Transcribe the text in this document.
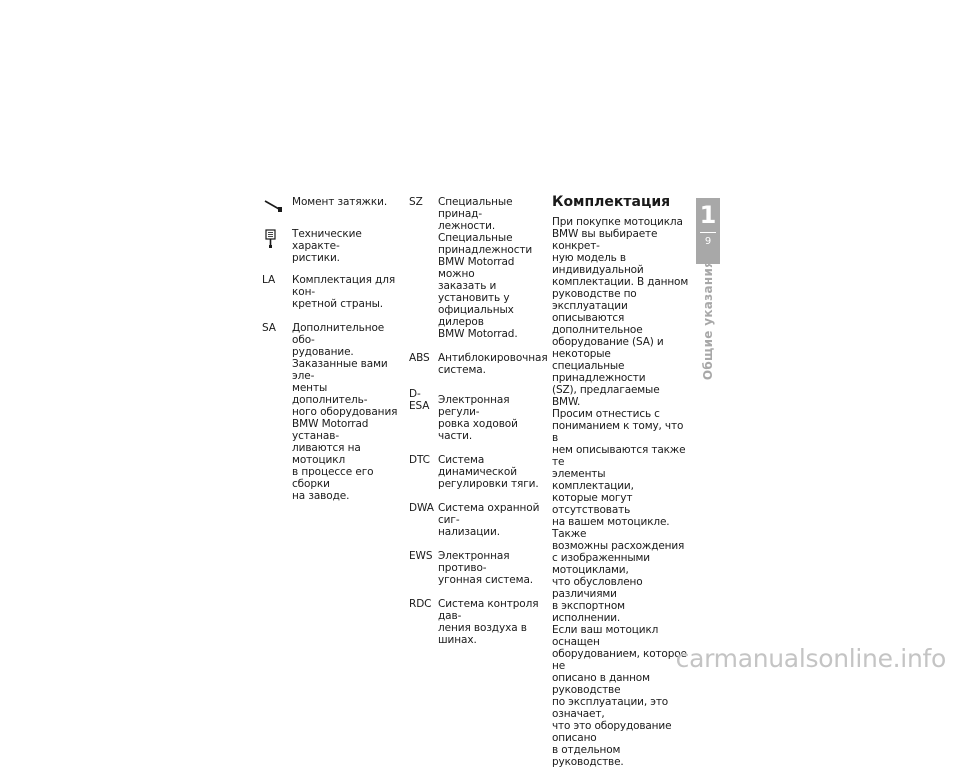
Момент затяжки.
Технические характе-
ристики.
LA	Комплектация для кон-
кретной страны.
SA	Дополнительное обо-
рудование.
Заказанные вами эле-
менты дополнитель-
ного оборудования
BMW Motorrad устанав-
ливаются на мотоцикл
в процессе его сборки
на заводе.
SZ	Специальные принад-
лежности.
Специальные
принадлежности
BMW Motorrad можно
заказать и установить у
официальных дилеров
BMW Motorrad.
ABS Антиблокировочная
система.
D-
ESA Электронная регули-
ровка ходовой части.
DTC Система динамической
регулировки тяги.
DWA Система охранной сиг-
нализации.
EWS Электронная противо-
угонная система.
RDC Система контроля дав-
ления воздуха в шинах.
Комплектация
При покупке мотоцикла
BMW вы выбираете конкрет-
ную модель в индивидуальной
комплектации. В данном
руководстве по эксплуатации
описываются дополнительное
оборудование (SA) и некоторые
специальные принадлежности
(SZ), предлагаемые BMW.
Просим отнестись с
пониманием к тому, что в
нем описываются также те
элементы комплектации,
которые могут отсутствовать
на вашем мотоцикле. Также
возможны расхождения
с изображенными мотоциклами,
что обусловлено различиями
в экспортном исполнении.
Если ваш мотоцикл оснащен
оборудованием, которое не
описано в данном руководстве
по эксплуатации, это означает,
что это оборудование описано
в отдельном руководстве.
1
9
Общие указания
carmanualsonline.info
